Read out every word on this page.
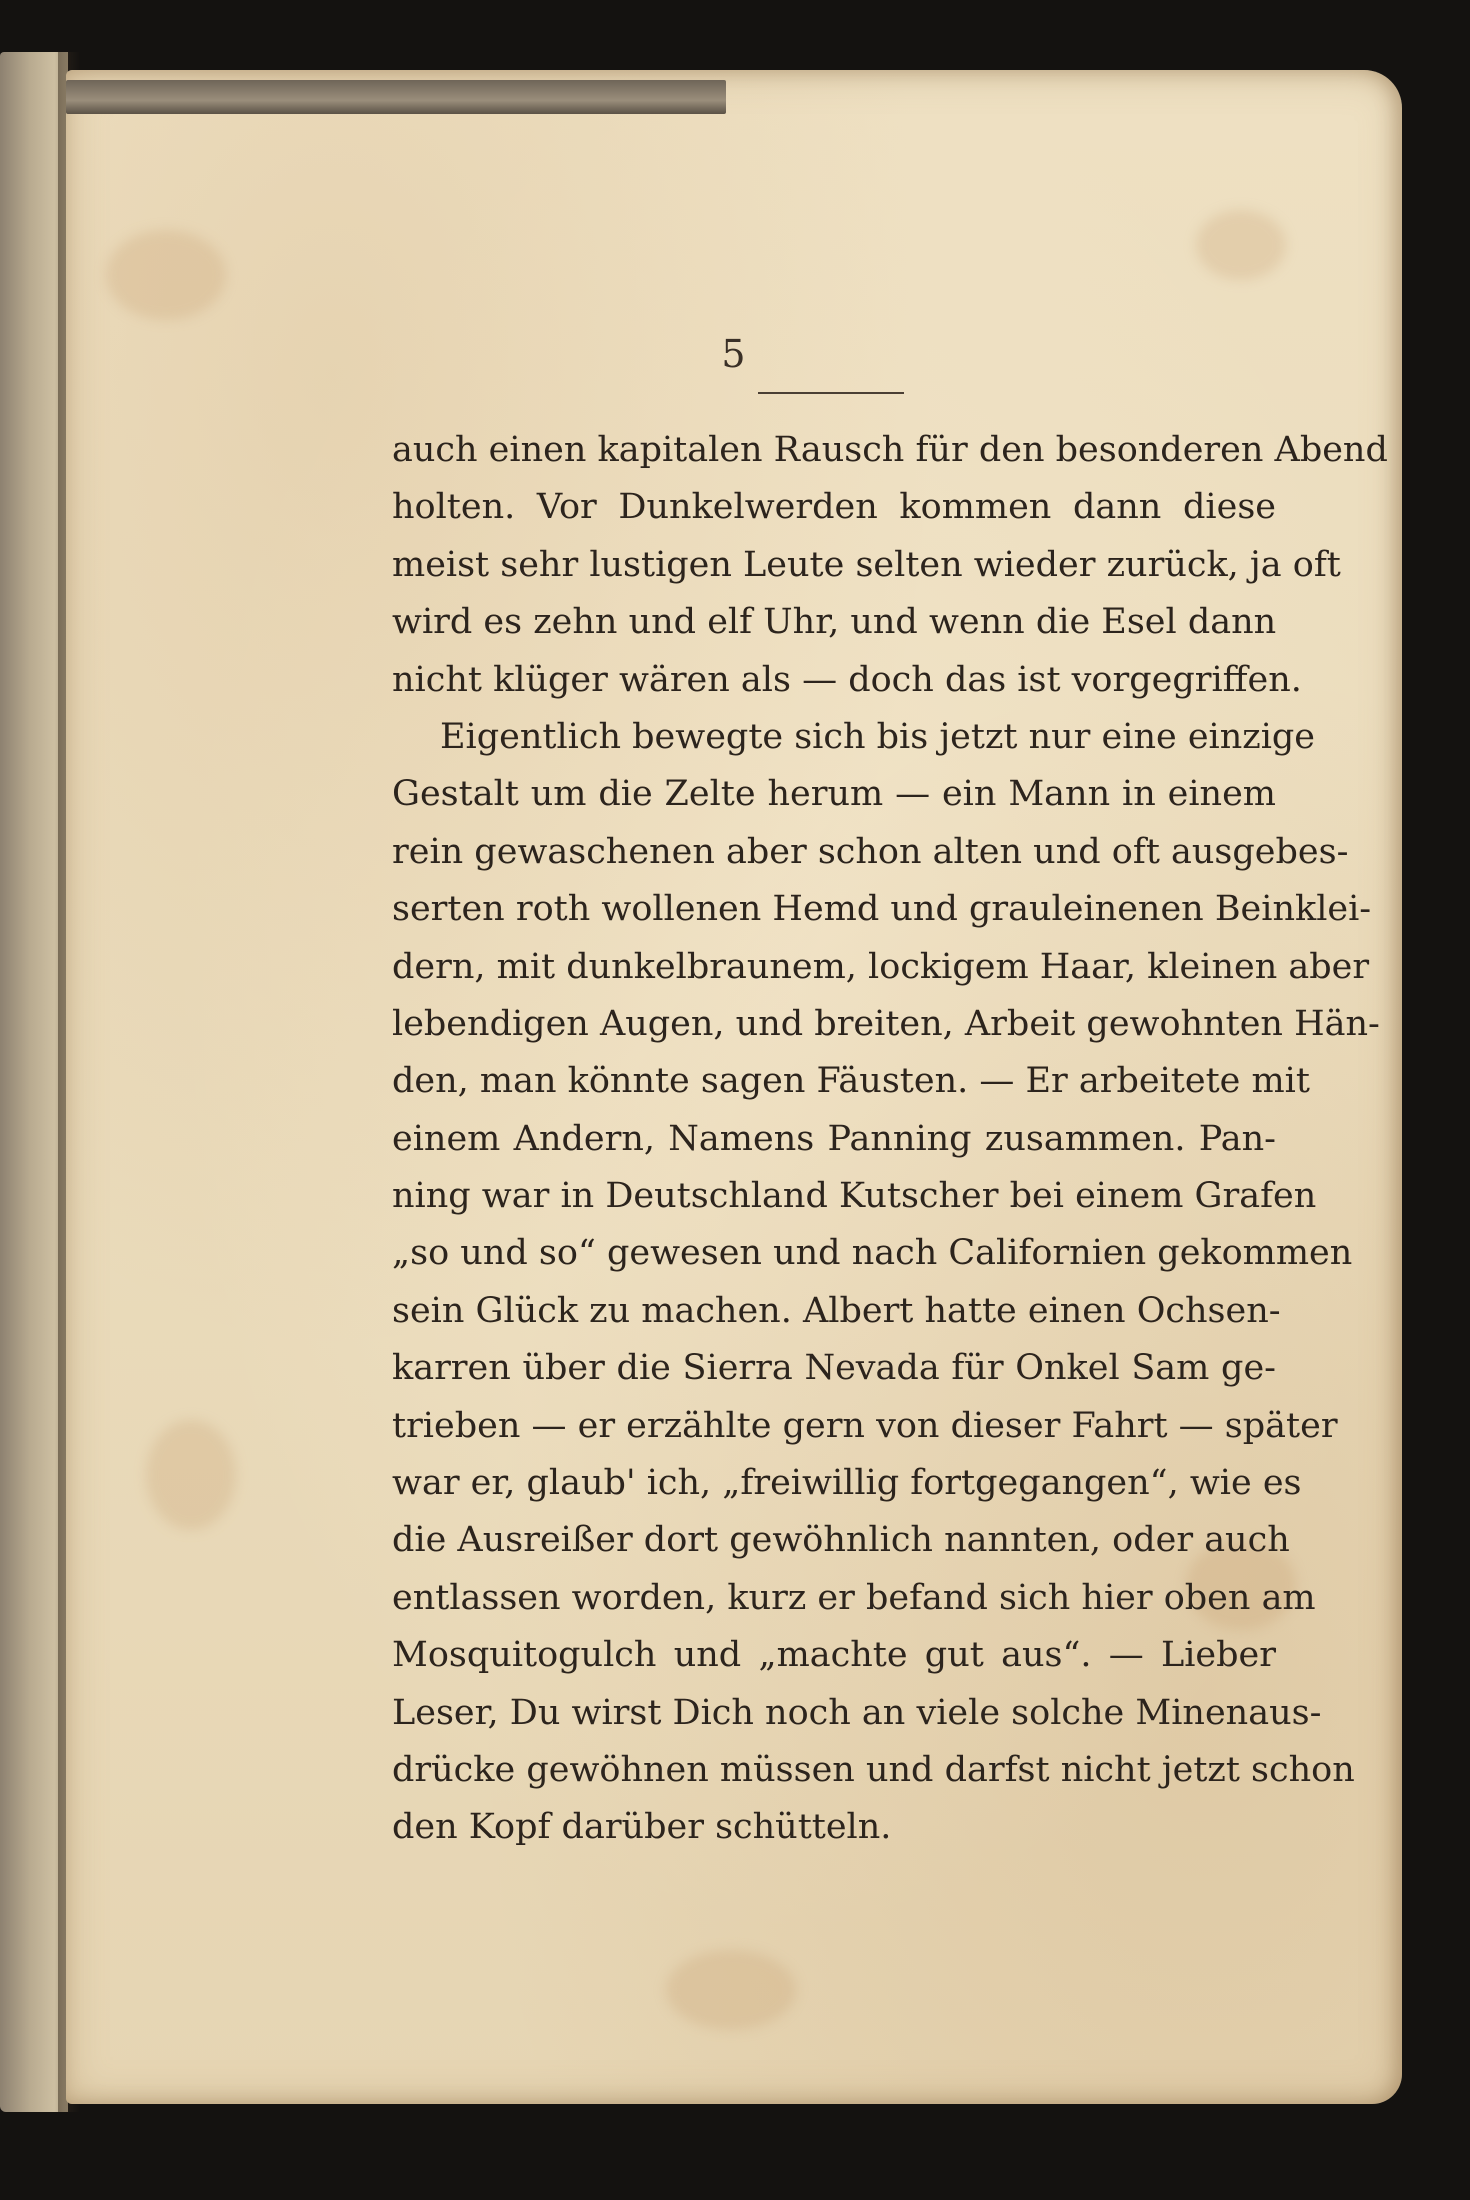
5
auch einen kapitalen Rausch für den besonderen Abend
holten. Vor Dunkelwerden kommen dann diese
meist sehr lustigen Leute selten wieder zurück, ja oft
wird es zehn und elf Uhr, und wenn die Esel dann
nicht klüger wären als — doch das ist vorgegriffen.
Eigentlich bewegte sich bis jetzt nur eine einzige
Gestalt um die Zelte herum — ein Mann in einem
rein gewaschenen aber schon alten und oft ausgebes-
serten roth wollenen Hemd und grauleinenen Beinklei-
dern, mit dunkelbraunem, lockigem Haar, kleinen aber
lebendigen Augen, und breiten, Arbeit gewohnten Hän-
den, man könnte sagen Fäusten. — Er arbeitete mit
einem Andern, Namens Panning zusammen. Pan-
ning war in Deutschland Kutscher bei einem Grafen
„so und so“ gewesen und nach Californien gekommen
sein Glück zu machen. Albert hatte einen Ochsen-
karren über die Sierra Nevada für Onkel Sam ge-
trieben — er erzählte gern von dieser Fahrt — später
war er, glaub' ich, „freiwillig fortgegangen“, wie es
die Ausreißer dort gewöhnlich nannten, oder auch
entlassen worden, kurz er befand sich hier oben am
Mosquitogulch und „machte gut aus“. — Lieber
Leser, Du wirst Dich noch an viele solche Minenaus-
drücke gewöhnen müssen und darfst nicht jetzt schon
den Kopf darüber schütteln.
